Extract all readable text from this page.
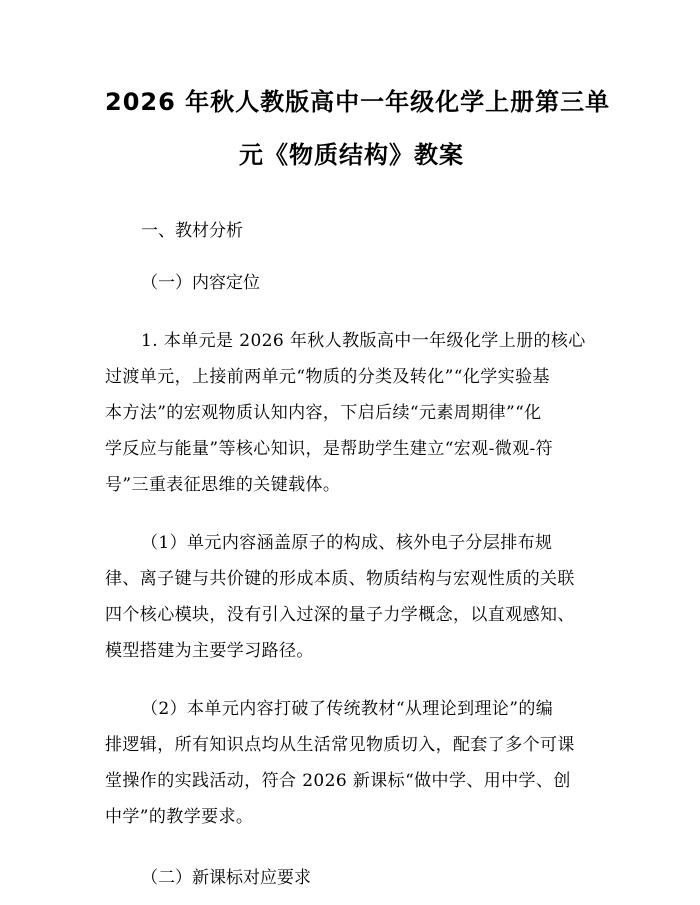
2026 年秋人教版高中一年级化学上册第三单
元《物质结构》教案

一、教材分析

（一）内容定位

1. 本单元是 2026 年秋人教版高中一年级化学上册的核心
过渡单元，上接前两单元“物质的分类及转化”“化学实验基
本方法”的宏观物质认知内容，下启后续“元素周期律”“化
学反应与能量”等核心知识，是帮助学生建立“宏观-微观-符
号”三重表征思维的关键载体。

（1）单元内容涵盖原子的构成、核外电子分层排布规
律、离子键与共价键的形成本质、物质结构与宏观性质的关联
四个核心模块，没有引入过深的量子力学概念，以直观感知、
模型搭建为主要学习路径。

（2）本单元内容打破了传统教材“从理论到理论”的编
排逻辑，所有知识点均从生活常见物质切入，配套了多个可课
堂操作的实践活动，符合 2026 新课标“做中学、用中学、创
中学”的教学要求。

（二）新课标对应要求
